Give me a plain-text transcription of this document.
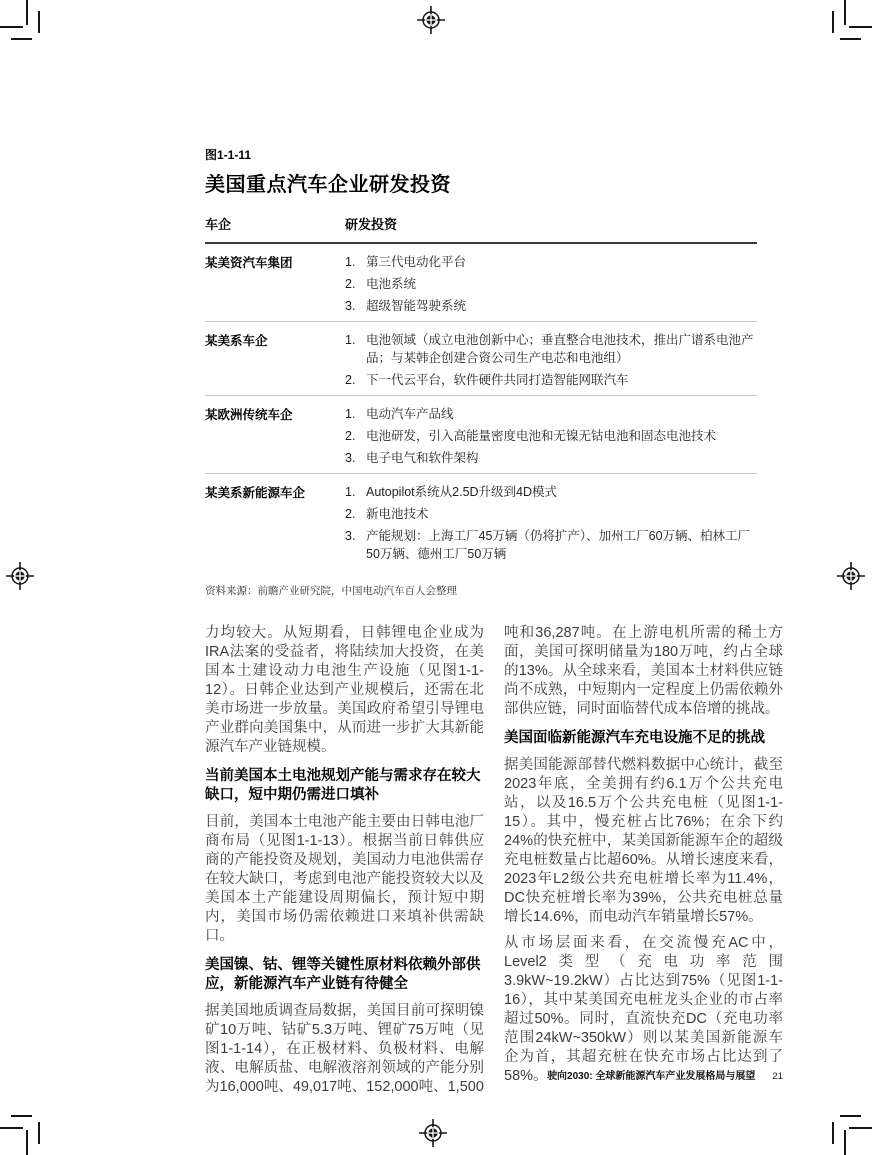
图1-1-11
美国重点汽车企业研发投资
车企	研发投资
某美资汽车集团	第三代电动化平台
电池系统
超级智能驾驶系统
某美系车企	电池领域（成立电池创新中心；垂直整合电池技术，推出广谱系电池产品；与某韩企创建合资公司生产电芯和电池组）
下一代云平台，软件硬件共同打造智能网联汽车
某欧洲传统车企	电动汽车产品线
电池研发，引入高能量密度电池和无镍无钴电池和固态电池技术
电子电气和软件架构
某美系新能源车企	Autopilot系统从2.5D升级到4D模式
新电池技术
产能规划：上海工厂45万辆（仍将扩产）、加州工厂60万辆、柏林工厂50万辆、德州工厂50万辆
资料来源：前瞻产业研究院，中国电动汽车百人会整理

力均较大。从短期看，日韩锂电企业成为IRA法案的受益者，将陆续加大投资，在美国本土建设动力电池生产设施（见图1-1-12）。日韩企业达到产业规模后，还需在北美市场进一步放量。美国政府希望引导锂电产业群向美国集中，从而进一步扩大其新能源汽车产业链规模。

当前美国本土电池规划产能与需求存在较大缺口，短中期仍需进口填补

目前，美国本土电池产能主要由日韩电池厂商布局（见图1-1-13）。根据当前日韩供应商的产能投资及规划，美国动力电池供需存在较大缺口，考虑到电池产能投资较大以及美国本土产能建设周期偏长，预计短中期内，美国市场仍需依赖进口来填补供需缺口。

美国镍、钴、锂等关键性原材料依赖外部供应，新能源汽车产业链有待健全

据美国地质调查局数据，美国目前可探明镍矿10万吨、钴矿5.3万吨、锂矿75万吨（见图1-1-14），在正极材料、负极材料、电解液、电解质盐、电解液溶剂领域的产能分别为16,000吨、49,017吨、152,000吨、1,500

吨和36,287吨。在上游电机所需的稀土方面，美国可探明储量为180万吨，约占全球的13%。从全球来看，美国本土材料供应链尚不成熟，中短期内一定程度上仍需依赖外部供应链，同时面临替代成本倍增的挑战。

美国面临新能源汽车充电设施不足的挑战

据美国能源部替代燃料数据中心统计，截至2023年底，全美拥有约6.1万个公共充电站，以及16.5万个公共充电桩（见图1-1-15）。其中，慢充桩占比76%；在余下约24%的快充桩中，某美国新能源车企的超级充电桩数量占比超60%。从增长速度来看，2023年L2级公共充电桩增长率为11.4%，DC快充桩增长率为39%，公共充电桩总量增长14.6%，而电动汽车销量增长57%。

从市场层面来看，在交流慢充AC中，Level2类型（充电功率范围3.9kW~19.2kW）占比达到75%（见图1-1-16），其中某美国充电桩龙头企业的市占率超过50%。同时，直流快充DC（充电功率范围24kW~350kW）则以某美国新能源车企为首，其超充桩在快充市场占比达到了58%。 驶向2030: 全球新能源汽车产业发展格局与展望 21
